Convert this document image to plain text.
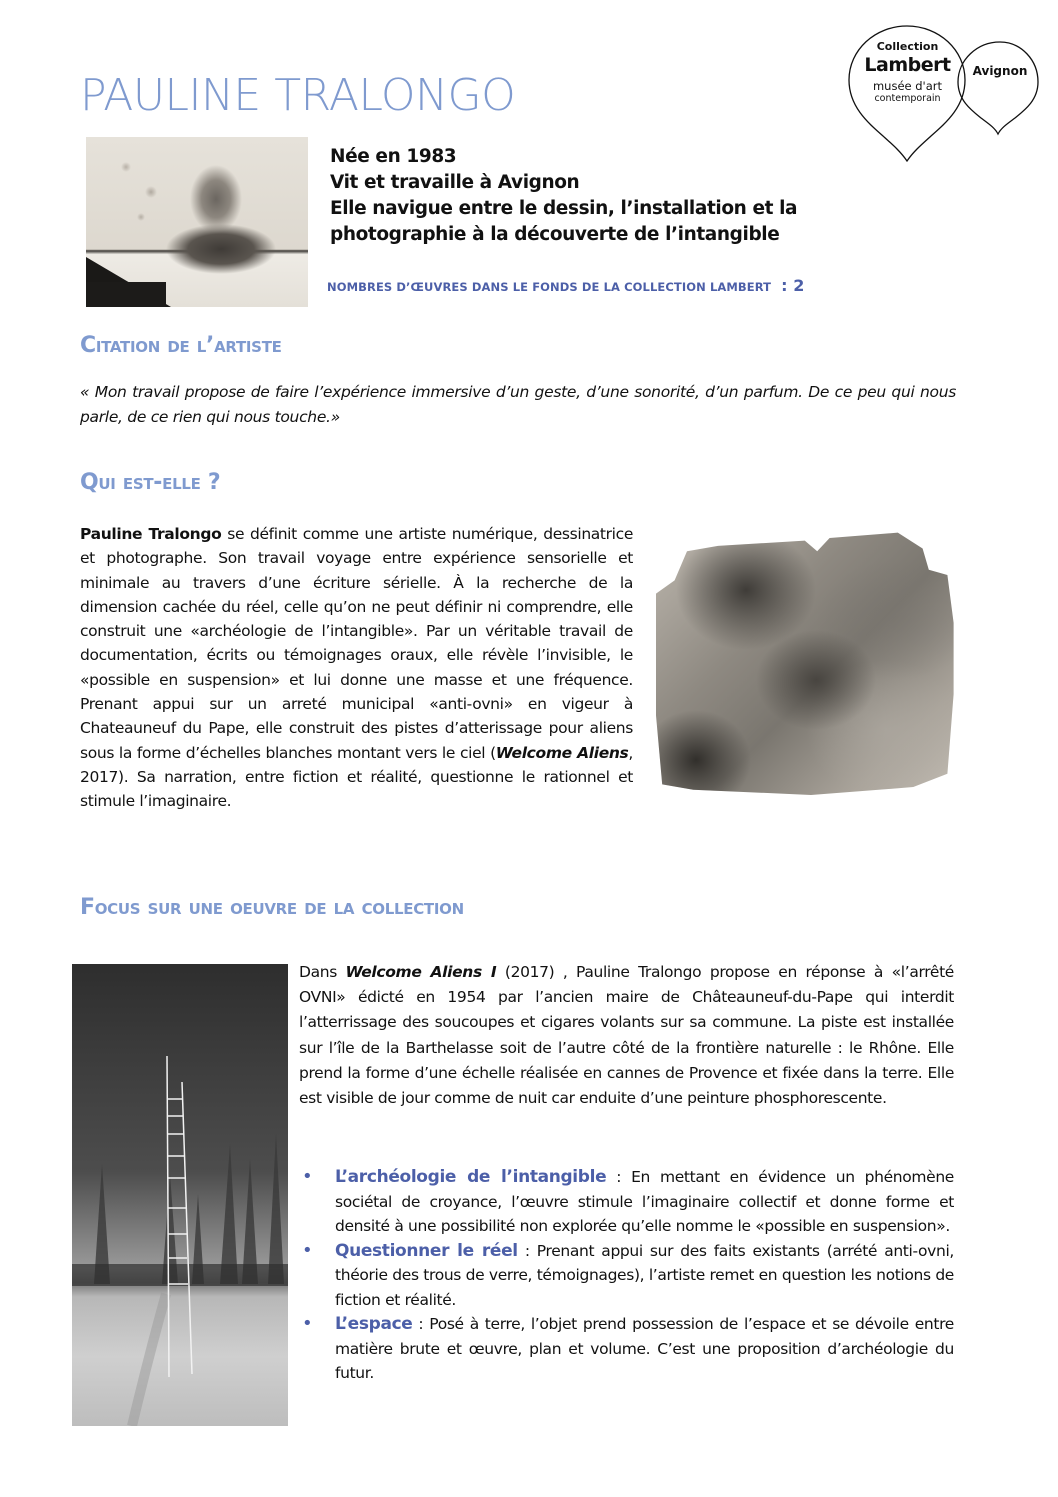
PAULINE TRALONGO
Collection
Lambert
musée d'art
contemporain
Avignon
Née en 1983
Vit et travaille à Avignon
Elle navigue entre le dessin, l’installation et la
photographie à la découverte de l’intangible
NOMBRES D’ŒUVRES DANS LE FONDS DE LA COLLECTION LAMBERT : 2
Citation de l’artiste

« Mon travail propose de faire l’expérience immersive d’un geste, d’une sonorité, d’un parfum. De ce peu qui nous parle, de ce rien qui nous touche.»

Qui est-elle ?

Pauline Tralongo se définit comme une artiste numérique, dessinatrice et photographe. Son travail voyage entre expérience sensorielle et minimale au travers d’une écriture sérielle. À la recherche de la dimension cachée du réel, celle qu’on ne peut définir ni comprendre, elle construit une «archéologie de l’intangible». Par un véritable travail de documentation, écrits ou témoignages oraux, elle révèle l’invisible, le «possible en suspension» et lui donne une masse et une fréquence. Prenant appui sur un arreté municipal «anti-ovni» en vigeur à Chateauneuf du Pape, elle construit des pistes d’atterissage pour aliens sous la forme d’échelles blanches montant vers le ciel (Welcome Aliens, 2017). Sa narration, entre fiction et réalité, questionne le rationnel et stimule l’imaginaire.

Focus sur une oeuvre de la collection

Dans Welcome Aliens I (2017) , Pauline Tralongo propose en réponse à «l’arrêté OVNI» édicté en 1954 par l’ancien maire de Châteauneuf-du-Pape qui interdit l’atterrissage des soucoupes et cigares volants sur sa commune. La piste est installée sur l’île de la Barthelasse soit de l’autre côté de la frontière naturelle : le Rhône. Elle prend la forme d’une échelle réalisée en cannes de Provence et fixée dans la terre. Elle est visible de jour comme de nuit car enduite d’une peinture phosphorescente.

• L’archéologie de l’intangible : En mettant en évidence un phénomène sociétal de croyance, l’œuvre stimule l’imaginaire collectif et donne forme et densité à une possibilité non explorée qu’elle nomme le «possible en suspension».
• Questionner le réel : Prenant appui sur des faits existants (arrété anti-ovni, théorie des trous de verre, témoignages), l’artiste remet en question les notions de fiction et réalité.
• L’espace : Posé à terre, l’objet prend possession de l’espace et se dévoile entre matière brute et œuvre, plan et volume. C’est une proposition d’archéologie du futur.
